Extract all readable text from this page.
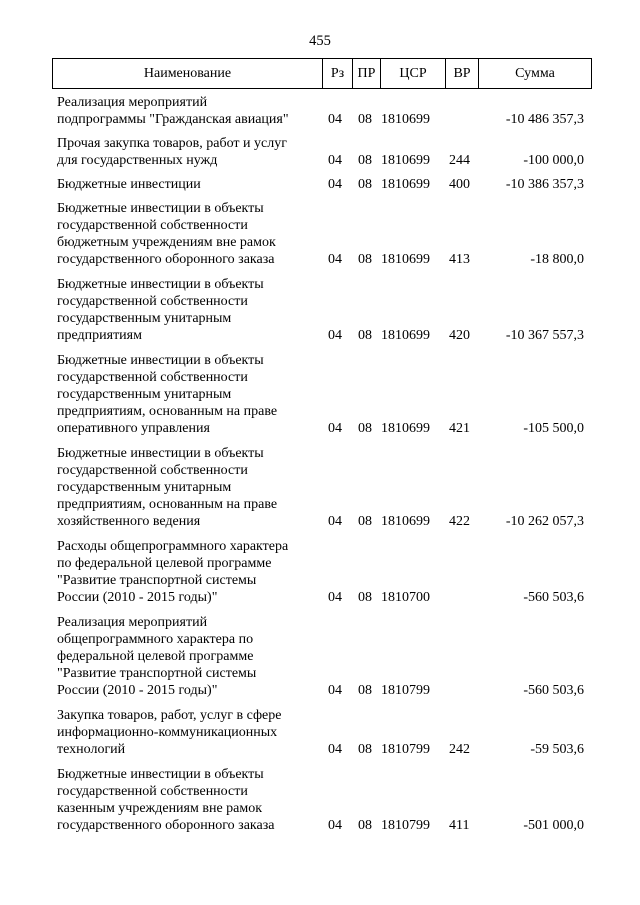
455
Наименование	Рз ПР	ЦСР	ВР	Сумма
Реализация мероприятий
подпрограммы "Гражданская авиация"	04 08 1810699	-10 486 357,3
Прочая закупка товаров, работ и услуг
для государственных нужд	04 08 1810699 244	-100 000,0
Бюджетные инвестиции	04 08 1810699 400	-10 386 357,3
Бюджетные инвестиции в объекты
государственной собственности
бюджетным учреждениям вне рамок
государственного оборонного заказа	04 08 1810699 413	-18 800,0
Бюджетные инвестиции в объекты
государственной собственности
государственным унитарным
предприятиям	04 08 1810699 420	-10 367 557,3
Бюджетные инвестиции в объекты
государственной собственности
государственным унитарным
предприятиям, основанным на праве
оперативного управления	04 08 1810699 421	-105 500,0
Бюджетные инвестиции в объекты
государственной собственности
государственным унитарным
предприятиям, основанным на праве
хозяйственного ведения	04 08 1810699 422	-10 262 057,3
Расходы общепрограммного характера
по федеральной целевой программе
"Развитие транспортной системы
России (2010 - 2015 годы)"	04 08 1810700	-560 503,6
Реализация мероприятий
общепрограммного характера по
федеральной целевой программе
"Развитие транспортной системы
России (2010 - 2015 годы)"	04 08 1810799	-560 503,6
Закупка товаров, работ, услуг в сфере
информационно-коммуникационных
технологий	04 08 1810799 242	-59 503,6
Бюджетные инвестиции в объекты
государственной собственности
казенным учреждениям вне рамок
государственного оборонного заказа	04 08 1810799 411	-501 000,0
